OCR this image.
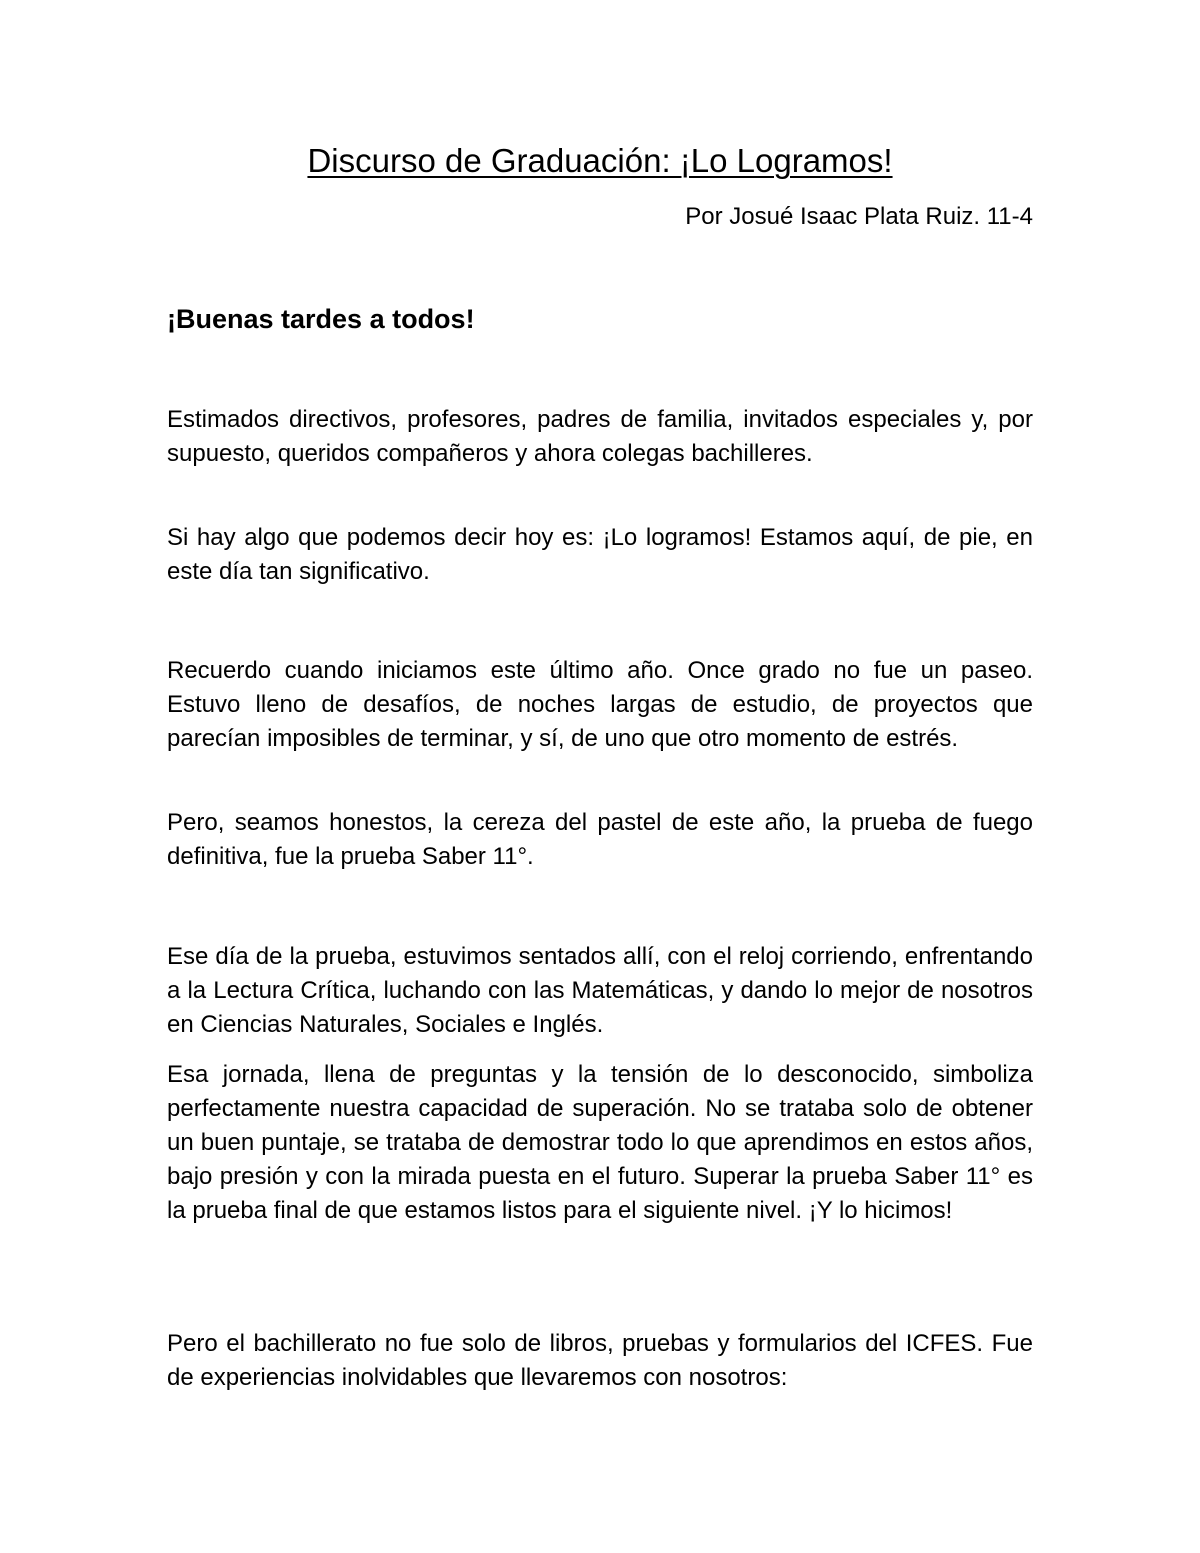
Discurso de Graduación: ¡Lo Logramos!

Por Josué Isaac Plata Ruiz. 11-4

¡Buenas tardes a todos!

Estimados directivos, profesores, padres de familia, invitados especiales y, por supuesto, queridos compañeros y ahora colegas bachilleres.

Si hay algo que podemos decir hoy es: ¡Lo logramos! Estamos aquí, de pie, en este día tan significativo.

Recuerdo cuando iniciamos este último año. Once grado no fue un paseo. Estuvo lleno de desafíos, de noches largas de estudio, de proyectos que parecían imposibles de terminar, y sí, de uno que otro momento de estrés.

Pero, seamos honestos, la cereza del pastel de este año, la prueba de fuego definitiva, fue la prueba Saber 11°.

Ese día de la prueba, estuvimos sentados allí, con el reloj corriendo, enfrentando a la Lectura Crítica, luchando con las Matemáticas, y dando lo mejor de nosotros en Ciencias Naturales, Sociales e Inglés.

Esa jornada, llena de preguntas y la tensión de lo desconocido, simboliza perfectamente nuestra capacidad de superación. No se trataba solo de obtener un buen puntaje, se trataba de demostrar todo lo que aprendimos en estos años, bajo presión y con la mirada puesta en el futuro. Superar la prueba Saber 11° es la prueba final de que estamos listos para el siguiente nivel. ¡Y lo hicimos!

Pero el bachillerato no fue solo de libros, pruebas y formularios del ICFES. Fue de experiencias inolvidables que llevaremos con nosotros:
